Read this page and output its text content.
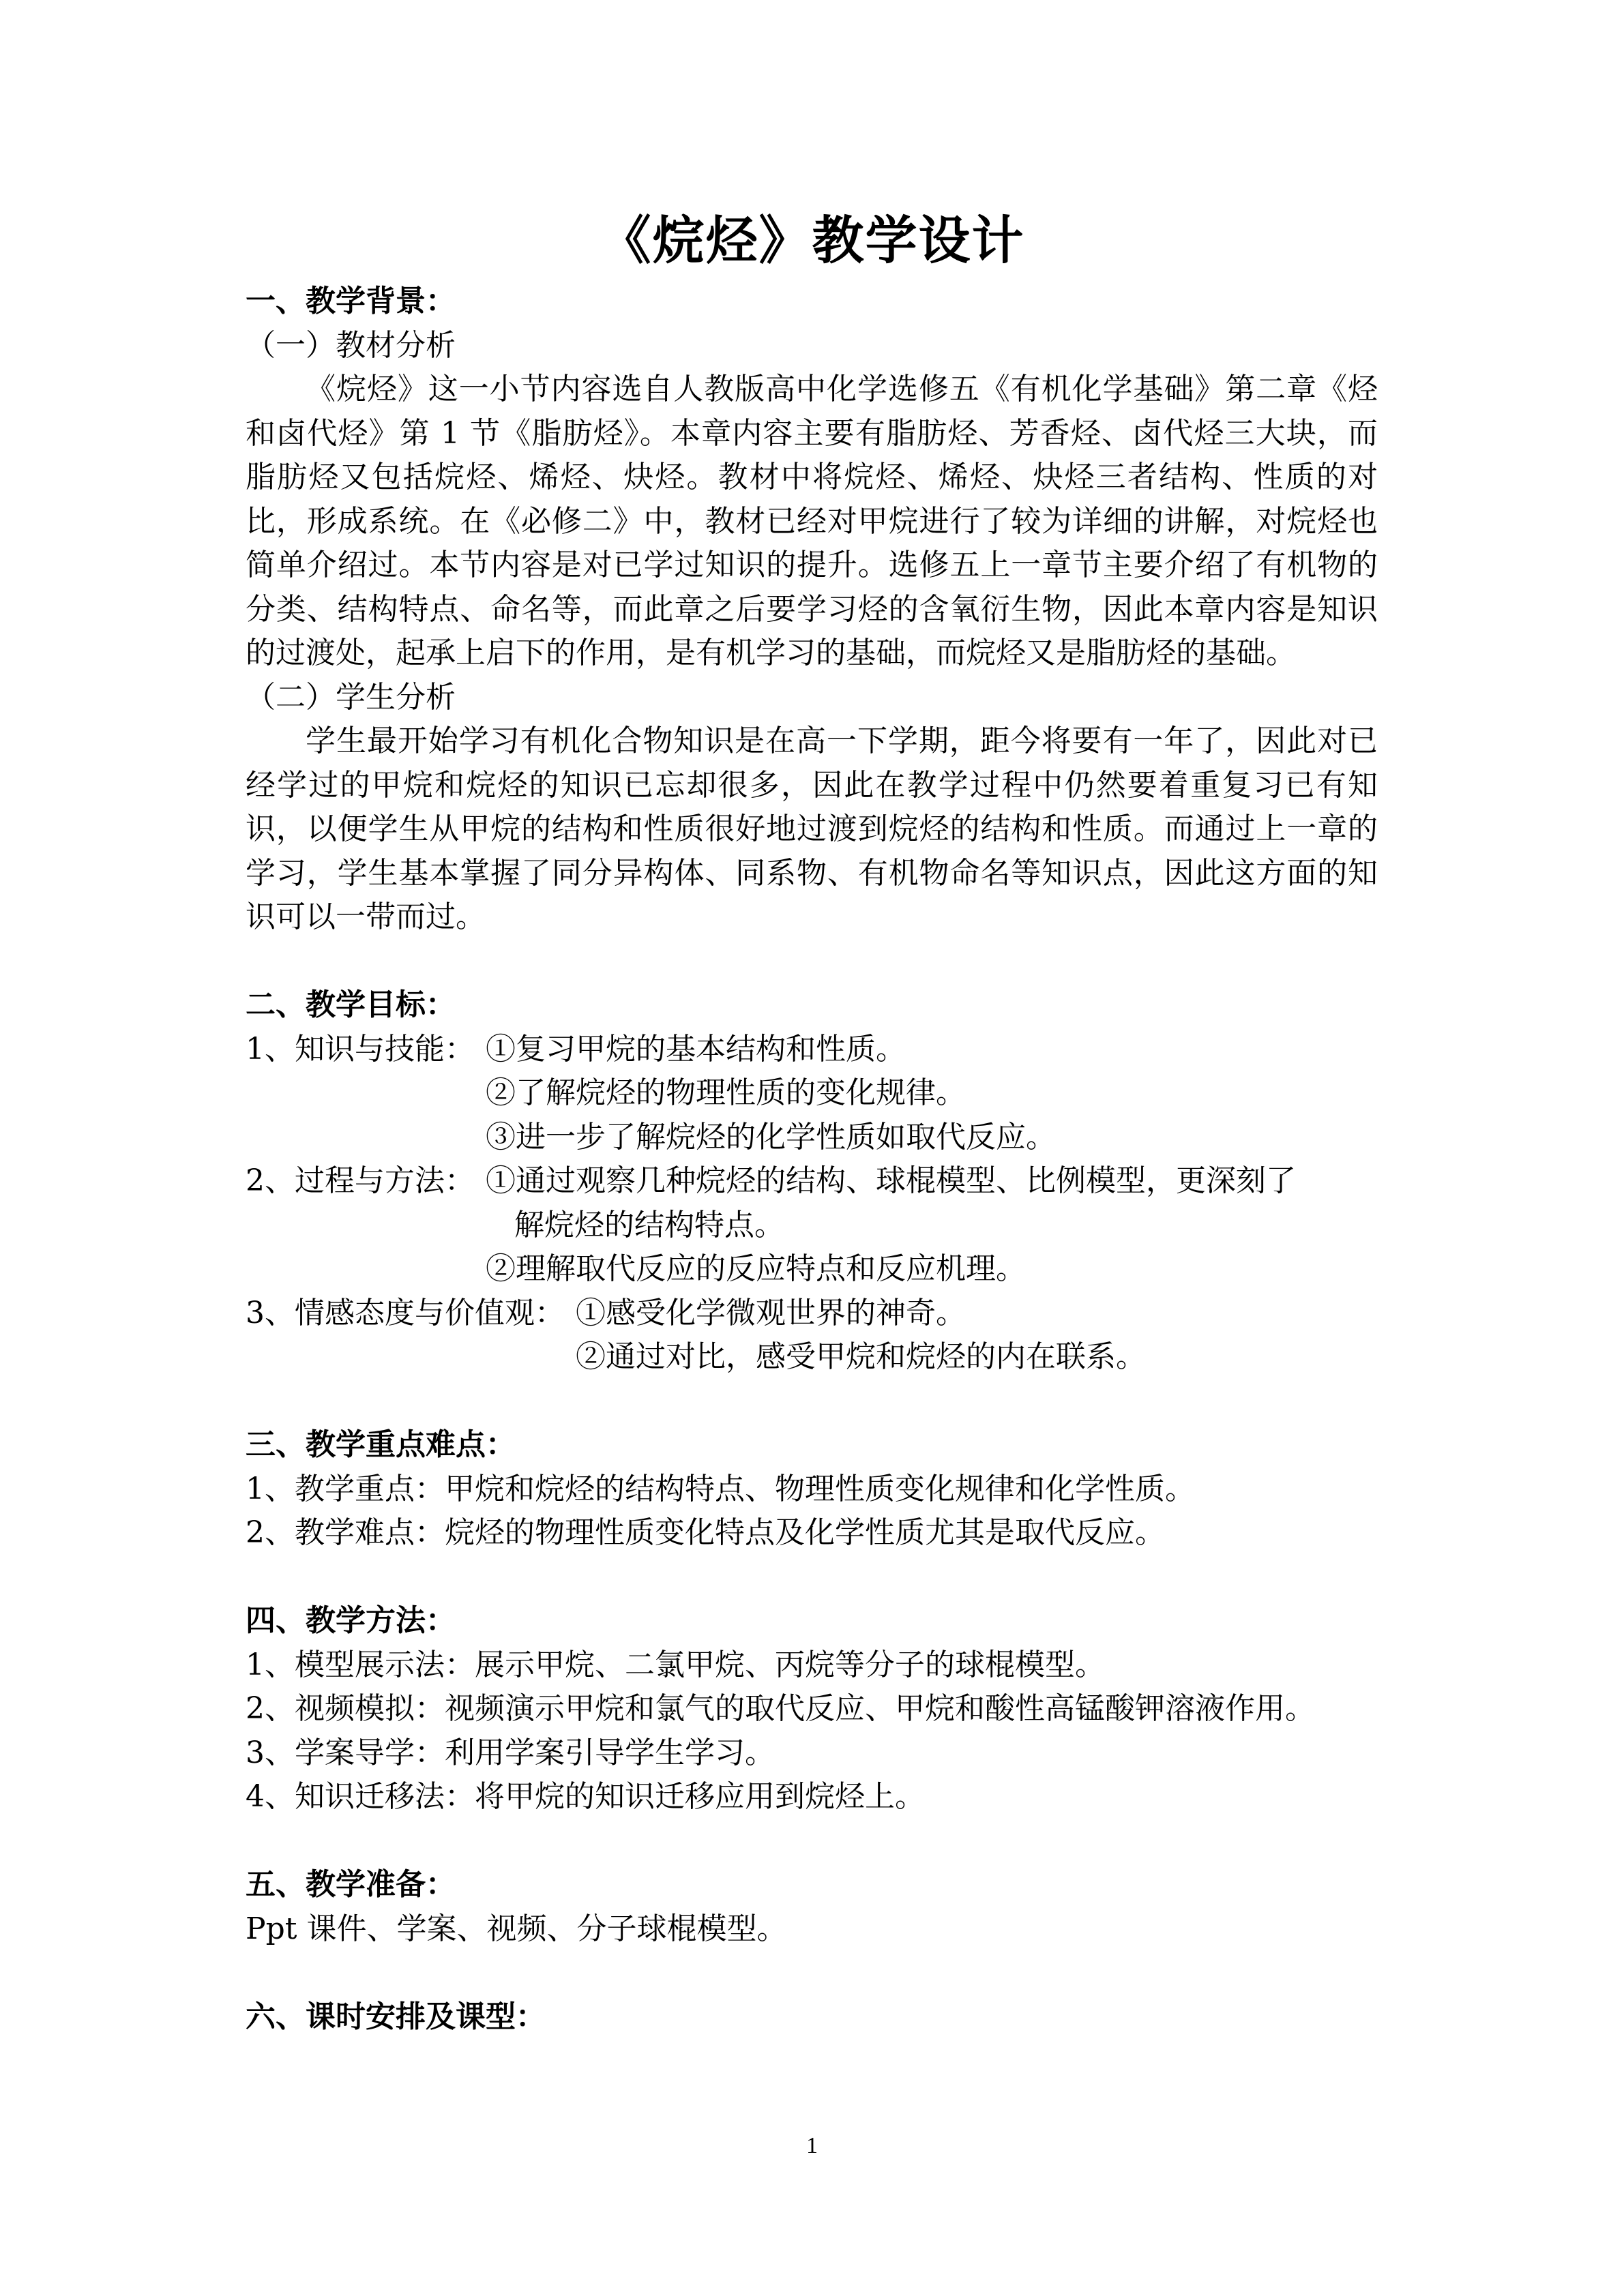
《烷烃》教学设计
一、教学背景：
（一）教材分析
《烷烃》这一小节内容选自人教版高中化学选修五《有机化学基础》第二章《烃和卤代烃》第 1 节《脂肪烃》。本章内容主要有脂肪烃、芳香烃、卤代烃三大块，而脂肪烃又包括烷烃、烯烃、炔烃。教材中将烷烃、烯烃、炔烃三者结构、性质的对比，形成系统。在《必修二》中，教材已经对甲烷进行了较为详细的讲解，对烷烃也简单介绍过。本节内容是对已学过知识的提升。选修五上一章节主要介绍了有机物的分类、结构特点、命名等，而此章之后要学习烃的含氧衍生物，因此本章内容是知识的过渡处，起承上启下的作用，是有机学习的基础，而烷烃又是脂肪烃的基础。
（二）学生分析
学生最开始学习有机化合物知识是在高一下学期，距今将要有一年了，因此对已经学过的甲烷和烷烃的知识已忘却很多，因此在教学过程中仍然要着重复习已有知识，以便学生从甲烷的结构和性质很好地过渡到烷烃的结构和性质。而通过上一章的学习，学生基本掌握了同分异构体、同系物、有机物命名等知识点，因此这方面的知识可以一带而过。
二、教学目标：
1、知识与技能： ①复习甲烷的基本结构和性质。
②了解烷烃的物理性质的变化规律。
③进一步了解烷烃的化学性质如取代反应。
2、过程与方法： ①通过观察几种烷烃的结构、球棍模型、比例模型，更深刻了
解烷烃的结构特点。
②理解取代反应的反应特点和反应机理。
3、情感态度与价值观： ①感受化学微观世界的神奇。
②通过对比，感受甲烷和烷烃的内在联系。
三、教学重点难点：
1、教学重点：甲烷和烷烃的结构特点、物理性质变化规律和化学性质。
2、教学难点：烷烃的物理性质变化特点及化学性质尤其是取代反应。
四、教学方法：
1、模型展示法：展示甲烷、二氯甲烷、丙烷等分子的球棍模型。
2、视频模拟：视频演示甲烷和氯气的取代反应、甲烷和酸性高锰酸钾溶液作用。
3、学案导学：利用学案引导学生学习。
4、知识迁移法：将甲烷的知识迁移应用到烷烃上。
五、教学准备：
Ppt 课件、学案、视频、分子球棍模型。
六、课时安排及课型：
1
